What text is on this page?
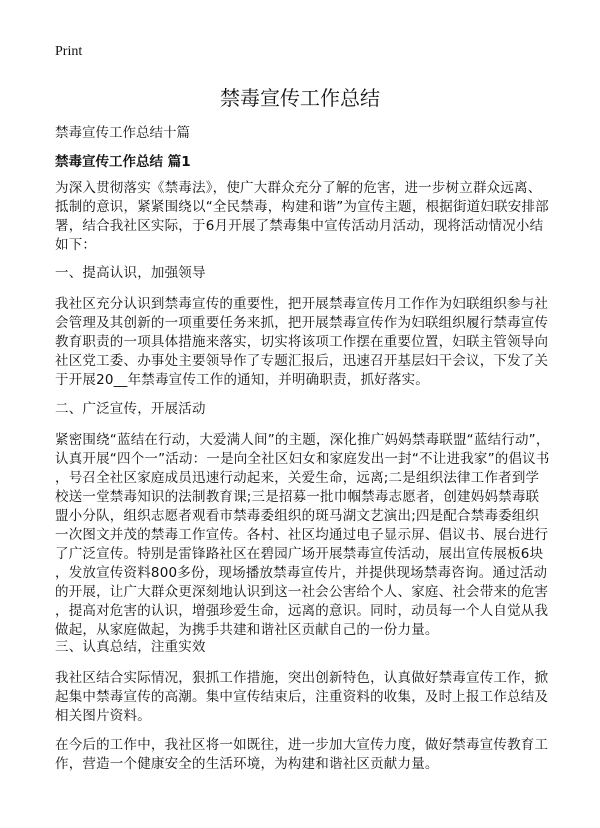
Print
禁毒宣传工作总结
禁毒宣传工作总结十篇
禁毒宣传工作总结 篇1
为深入贯彻落实《禁毒法》，使广大群众充分了解的危害，进一步树立群众远离、
抵制的意识，紧紧围绕以“全民禁毒，构建和谐”为宣传主题，根据街道妇联安排部
署，结合我社区实际，于6月开展了禁毒集中宣传活动月活动，现将活动情况小结
如下：
一、提高认识，加强领导
我社区充分认识到禁毒宣传的重要性，把开展禁毒宣传月工作作为妇联组织参与社
会管理及其创新的一项重要任务来抓，把开展禁毒宣传作为妇联组织履行禁毒宣传
教育职责的一项具体措施来落实，切实将该项工作摆在重要位置，妇联主管领导向
社区党工委、办事处主要领导作了专题汇报后，迅速召开基层妇干会议，下发了关
于开展20__年禁毒宣传工作的通知，并明确职责，抓好落实。
二、广泛宣传，开展活动
紧密围绕“蓝结在行动，大爱满人间”的主题，深化推广妈妈禁毒联盟“蓝结行动”，
认真开展“四个一”活动：一是向全社区妇女和家庭发出一封“不让进我家”的倡议书
，号召全社区家庭成员迅速行动起来，关爱生命，远离;二是组织法律工作者到学
校送一堂禁毒知识的法制教育课;三是招募一批巾帼禁毒志愿者，创建妈妈禁毒联
盟小分队，组织志愿者观看市禁毒委组织的斑马湖文艺演出;四是配合禁毒委组织
一次图文并茂的禁毒工作宣传。各村、社区均通过电子显示屏、倡议书、展台进行
了广泛宣传。特别是雷锋路社区在碧园广场开展禁毒宣传活动，展出宣传展板6块
，发放宣传资料800多份，现场播放禁毒宣传片，并提供现场禁毒咨询。通过活动
的开展，让广大群众更深刻地认识到这一社会公害给个人、家庭、社会带来的危害
，提高对危害的认识，增强珍爱生命，远离的意识。同时，动员每一个人自觉从我
做起，从家庭做起，为携手共建和谐社区贡献自己的一份力量。
三、认真总结，注重实效
我社区结合实际情况，狠抓工作措施，突出创新特色，认真做好禁毒宣传工作，掀
起集中禁毒宣传的高潮。集中宣传结束后，注重资料的收集，及时上报工作总结及
相关图片资料。
在今后的工作中，我社区将一如既往，进一步加大宣传力度，做好禁毒宣传教育工
作，营造一个健康安全的生活环境，为构建和谐社区贡献力量。
